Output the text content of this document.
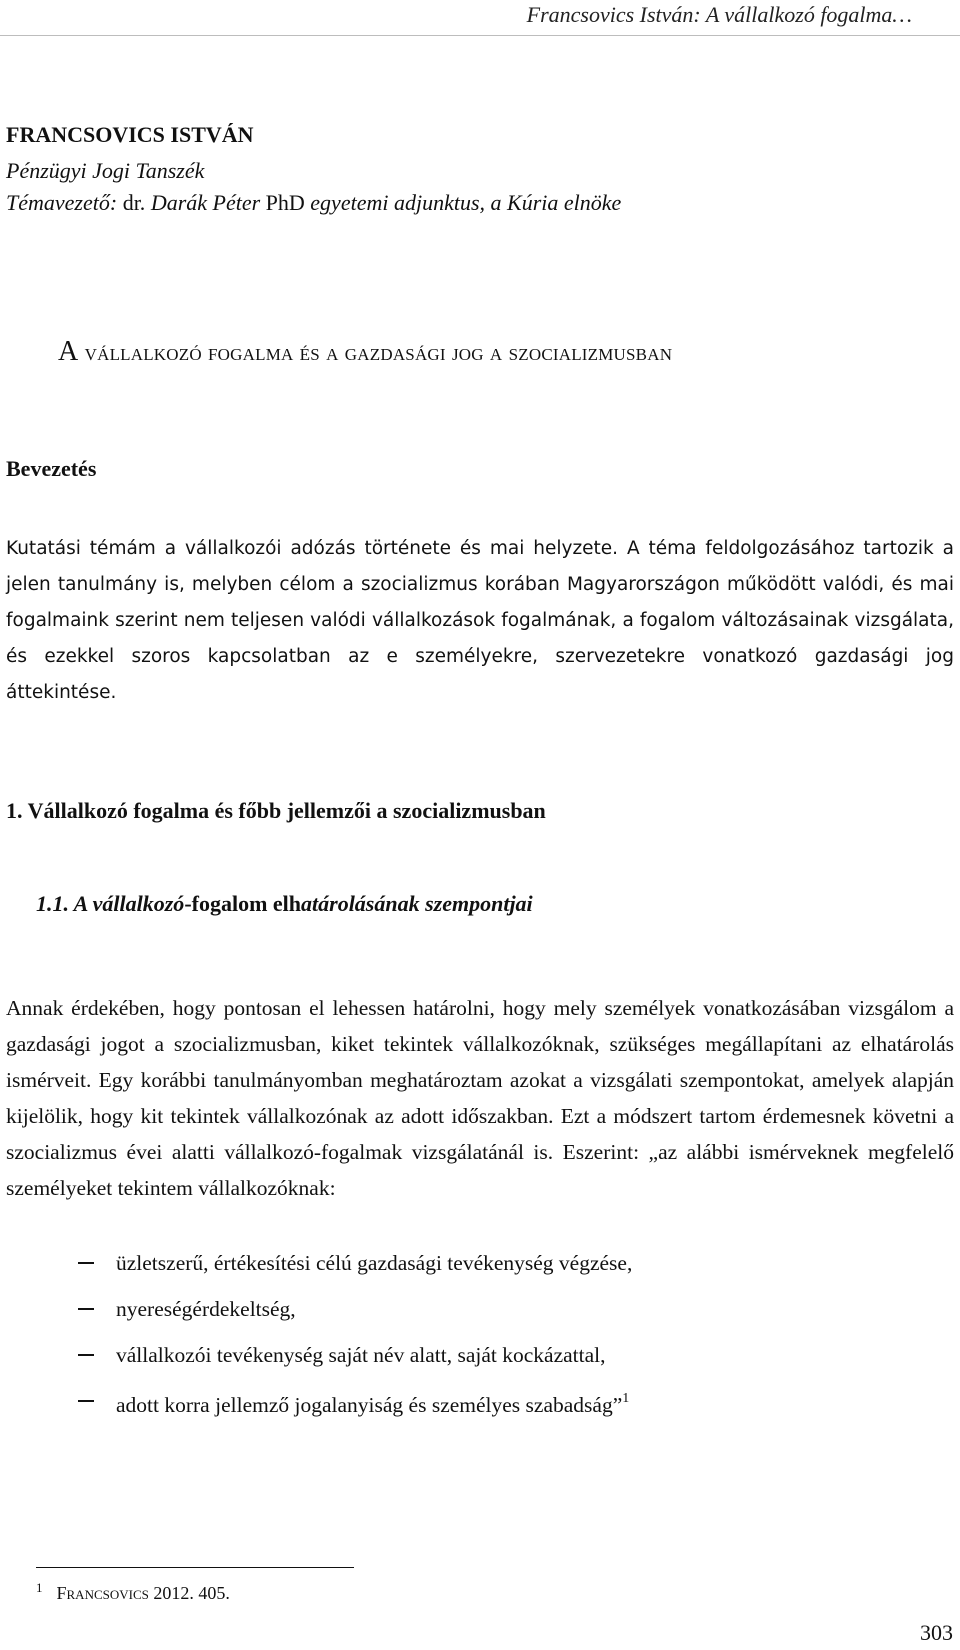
Francsovics István: A vállalkozó fogalma…
FRANCSOVICS ISTVÁN
Pénzügyi Jogi Tanszék
Témavezető: dr. Darák Péter PhD egyetemi adjunktus, a Kúria elnöke
A vállalkozó fogalma és a gazdasági jog a szocializmusban
Bevezetés
Kutatási témám a vállalkozói adózás története és mai helyzete. A téma feldolgozásához tartozik a jelen tanulmány is, melyben célom a szocializmus korában Magyarországon működött valódi, és mai fogalmaink szerint nem teljesen valódi vállalkozások fogalmának, a fogalom változásainak vizsgálata, és ezekkel szoros kapcsolatban az e személyekre, szervezetekre vonatkozó gazdasági jog áttekintése.
1. Vállalkozó fogalma és főbb jellemzői a szocializmusban
1.1. A vállalkozó-fogalom elhatárolásának szempontjai
Annak érdekében, hogy pontosan el lehessen határolni, hogy mely személyek vonatkozásában vizsgálom a gazdasági jogot a szocializmusban, kiket tekintek vállalkozóknak, szükséges megállapítani az elhatárolás ismérveit. Egy korábbi tanulmányomban meghatároztam azokat a vizsgálati szempontokat, amelyek alapján kijelölik, hogy kit tekintek vállalkozónak az adott időszakban. Ezt a módszert tartom érdemesnek követni a szocializmus évei alatti vállalkozó-fogalmak vizsgálatánál is. Eszerint: „az alábbi ismérveknek megfelelő személyeket tekintem vállalkozóknak:
üzletszerű, értékesítési célú gazdasági tevékenység végzése,
nyereségérdekeltség,
vállalkozói tevékenység saját név alatt, saját kockázattal,
adott korra jellemző jogalanyiság és személyes szabadság”$^1$
$^1$ Francsovics 2012. 405.
303
